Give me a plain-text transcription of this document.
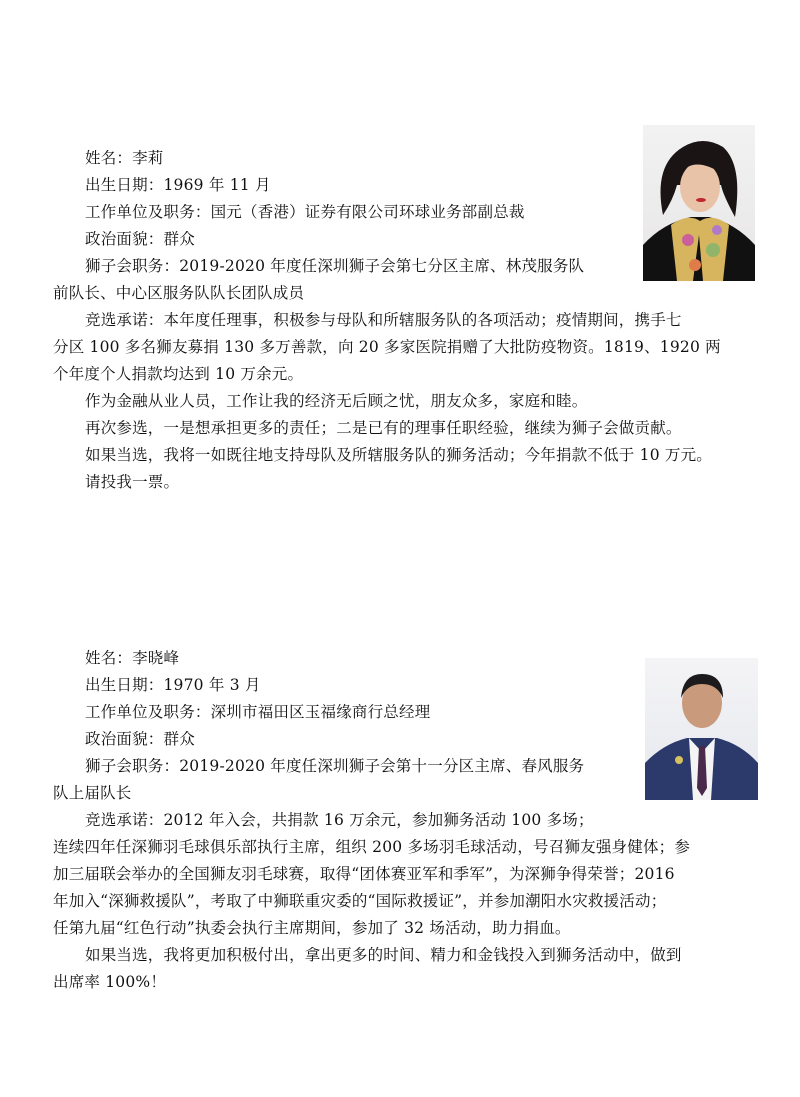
姓名：李莉
出生日期：1969 年 11 月
工作单位及职务：国元（香港）证券有限公司环球业务部副总裁
政治面貌：群众
狮子会职务：2019-2020 年度任深圳狮子会第七分区主席、林茂服务队
前队长、中心区服务队队长团队成员
竞选承诺：本年度任理事，积极参与母队和所辖服务队的各项活动；疫情期间，携手七
分区 100 多名狮友募捐 130 多万善款，向 20 多家医院捐赠了大批防疫物资。1819、1920 两
个年度个人捐款均达到 10 万余元。
作为金融从业人员，工作让我的经济无后顾之忧，朋友众多，家庭和睦。
再次参选，一是想承担更多的责任；二是已有的理事任职经验，继续为狮子会做贡献。
如果当选，我将一如既往地支持母队及所辖服务队的狮务活动；今年捐款不低于 10 万元。
请投我一票。
姓名：李晓峰
出生日期：1970 年 3 月
工作单位及职务：深圳市福田区玉福缘商行总经理
政治面貌：群众
狮子会职务：2019-2020 年度任深圳狮子会第十一分区主席、春风服务
队上届队长
竞选承诺：2012 年入会，共捐款 16 万余元，参加狮务活动 100 多场；
连续四年任深狮羽毛球俱乐部执行主席，组织 200 多场羽毛球活动，号召狮友强身健体；参
加三届联会举办的全国狮友羽毛球赛，取得“团体赛亚军和季军”，为深狮争得荣誉；2016
年加入“深狮救援队”，考取了中狮联重灾委的“国际救援证”，并参加潮阳水灾救援活动；
任第九届“红色行动”执委会执行主席期间，参加了 32 场活动，助力捐血。
如果当选，我将更加积极付出，拿出更多的时间、精力和金钱投入到狮务活动中，做到
出席率 100%！
